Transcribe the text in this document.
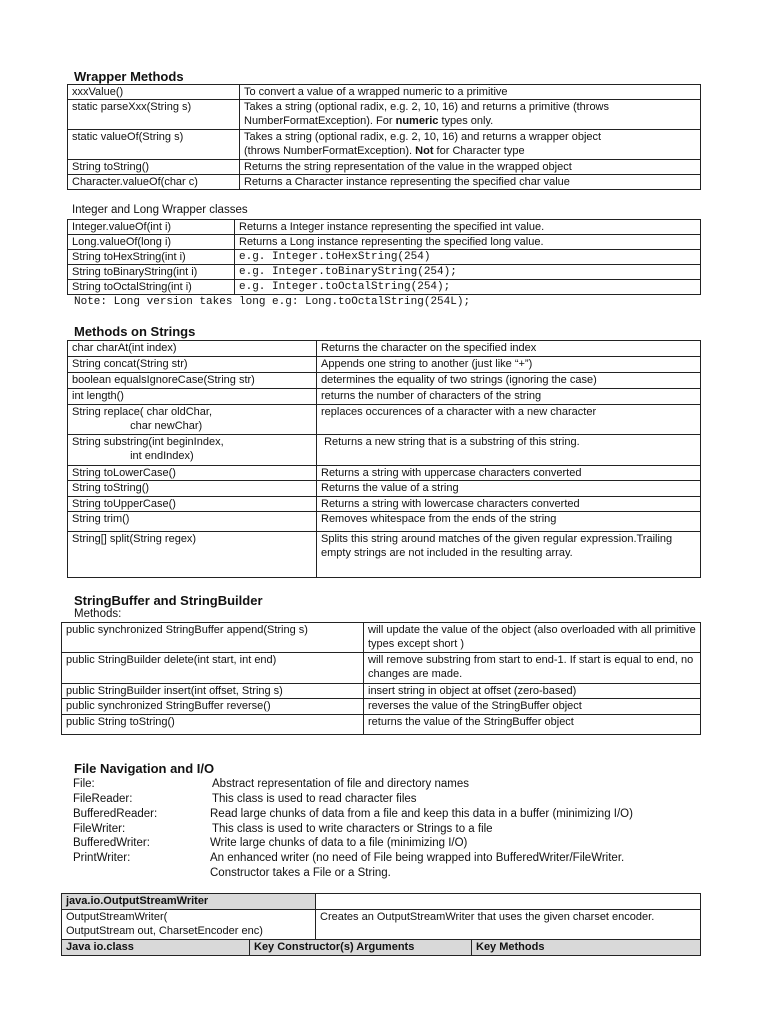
Wrapper Methods
xxxValue()	To convert a value of a wrapped numeric to a primitive
static parseXxx(String s)	Takes a string (optional radix, e.g. 2, 10, 16) and returns a primitive (throws
NumberFormatException). For numeric types only.
static valueOf(String s)	Takes a string (optional radix, e.g. 2, 10, 16) and returns a wrapper object
(throws NumberFormatException). Not for Character type
String toString()	Returns the string representation of the value in the wrapped object
Character.valueOf(char c)	Returns a Character instance representing the specified char value
Integer and Long Wrapper classes
Integer.valueOf(int i)	Returns a Integer instance representing the specified int value.
Long.valueOf(long i)	Returns a Long instance representing the specified long value.
String toHexString(int i)	e.g. Integer.toHexString(254)
String toBinaryString(int i)	e.g. Integer.toBinaryString(254);
String toOctalString(int i)	e.g. Integer.toOctalString(254);
Note: Long version takes long e.g: Long.toOctalString(254L);
Methods on Strings
char charAt(int index)	Returns the character on the specified index
String concat(String str)	Appends one string to another (just like “+”)
boolean equalsIgnoreCase(String str)	determines the equality of two strings (ignoring the case)
int length()	returns the number of characters of the string
String replace( char oldChar,
char newChar)	replaces occurences of a character with a new character
String substring(int beginIndex,
int endIndex)	Returns a new string that is a substring of this string.
String toLowerCase()	Returns a string with uppercase characters converted
String toString()	Returns the value of a string
String toUpperCase()	Returns a string with lowercase characters converted
String trim()	Removes whitespace from the ends of the string
String[] split(String regex)	Splits this string around matches of the given regular expression.Trailing empty strings are not included in the resulting array.
StringBuffer and StringBuilder
Methods:
public synchronized StringBuffer append(String s)	will update the value of the object (also overloaded with all primitive types except short )
public StringBuilder delete(int start, int end)	will remove substring from start to end-1. If start is equal to end, no changes are made.
public StringBuilder insert(int offset, String s)	insert string in object at offset (zero-based)
public synchronized StringBuffer reverse()	reverses the value of the StringBuffer object
public String toString()	returns the value of the StringBuffer object
File Navigation and I/O
File:	Abstract representation of file and directory names
FileReader:	This class is used to read character files
BufferedReader:	Read large chunks of data from a file and keep this data in a buffer (minimizing I/O)
FileWriter:	This class is used to write characters or Strings to a file
BufferedWriter:	Write large chunks of data to a file (minimizing I/O)
PrintWriter:	An enhanced writer (no need of File being wrapped into BufferedWriter/FileWriter.
Constructor takes a File or a String.
java.io.OutputStreamWriter			
OutputStreamWriter(
OutputStream out, CharsetEncoder enc)		Creates an OutputStreamWriter that uses the given charset encoder.	
Java io.class	Key Constructor(s) Arguments		Key Methods
